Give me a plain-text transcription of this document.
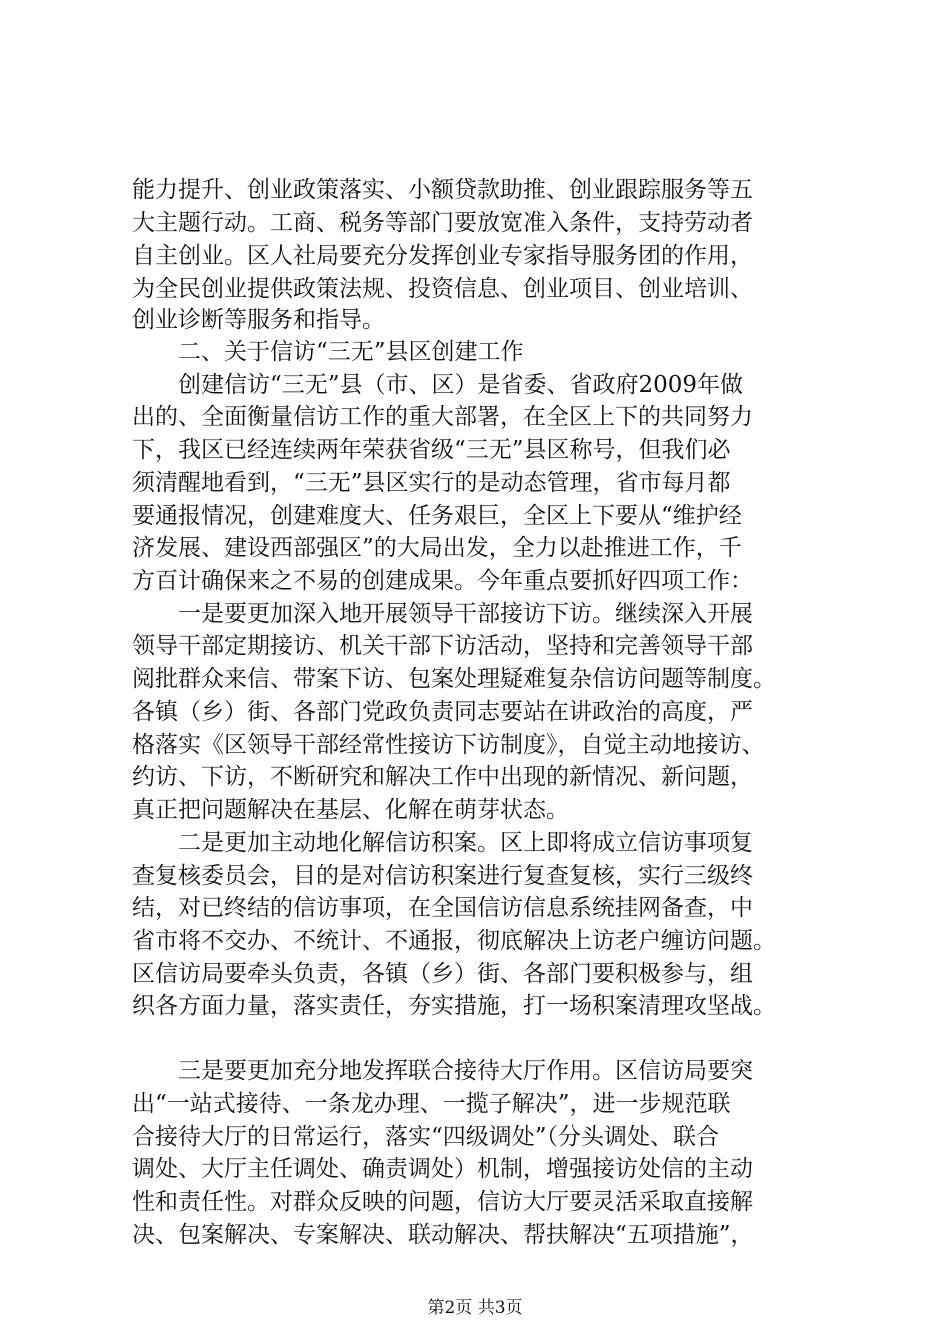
能力提升、创业政策落实、小额贷款助推、创业跟踪服务等五
大主题行动。工商、税务等部门要放宽准入条件，支持劳动者
自主创业。区人社局要充分发挥创业专家指导服务团的作用，
为全民创业提供政策法规、投资信息、创业项目、创业培训、
创业诊断等服务和指导。
二、关于信访“三无”县区创建工作
创建信访“三无”县（市、区）是省委、省政府2009年做
出的、全面衡量信访工作的重大部署，在全区上下的共同努力
下，我区已经连续两年荣获省级“三无”县区称号，但我们必
须清醒地看到，“三无”县区实行的是动态管理，省市每月都
要通报情况，创建难度大、任务艰巨，全区上下要从“维护经
济发展、建设西部强区”的大局出发，全力以赴推进工作，千
方百计确保来之不易的创建成果。今年重点要抓好四项工作：
一是要更加深入地开展领导干部接访下访。继续深入开展
领导干部定期接访、机关干部下访活动，坚持和完善领导干部
阅批群众来信、带案下访、包案处理疑难复杂信访问题等制度。
各镇（乡）街、各部门党政负责同志要站在讲政治的高度，严
格落实《区领导干部经常性接访下访制度》，自觉主动地接访、
约访、下访，不断研究和解决工作中出现的新情况、新问题，
真正把问题解决在基层、化解在萌芽状态。
二是更加主动地化解信访积案。区上即将成立信访事项复
查复核委员会，目的是对信访积案进行复查复核，实行三级终
结，对已终结的信访事项，在全国信访信息系统挂网备查，中
省市将不交办、不统计、不通报，彻底解决上访老户缠访问题。
区信访局要牵头负责，各镇（乡）街、各部门要积极参与，组
织各方面力量，落实责任，夯实措施，打一场积案清理攻坚战。
三是要更加充分地发挥联合接待大厅作用。区信访局要突
出“一站式接待、一条龙办理、一揽子解决”，进一步规范联
合接待大厅的日常运行，落实“四级调处”（分头调处、联合
调处、大厅主任调处、确责调处）机制，增强接访处信的主动
性和责任性。对群众反映的问题，信访大厅要灵活采取直接解
决、包案解决、专案解决、联动解决、帮扶解决“五项措施”，
第2页 共3页
